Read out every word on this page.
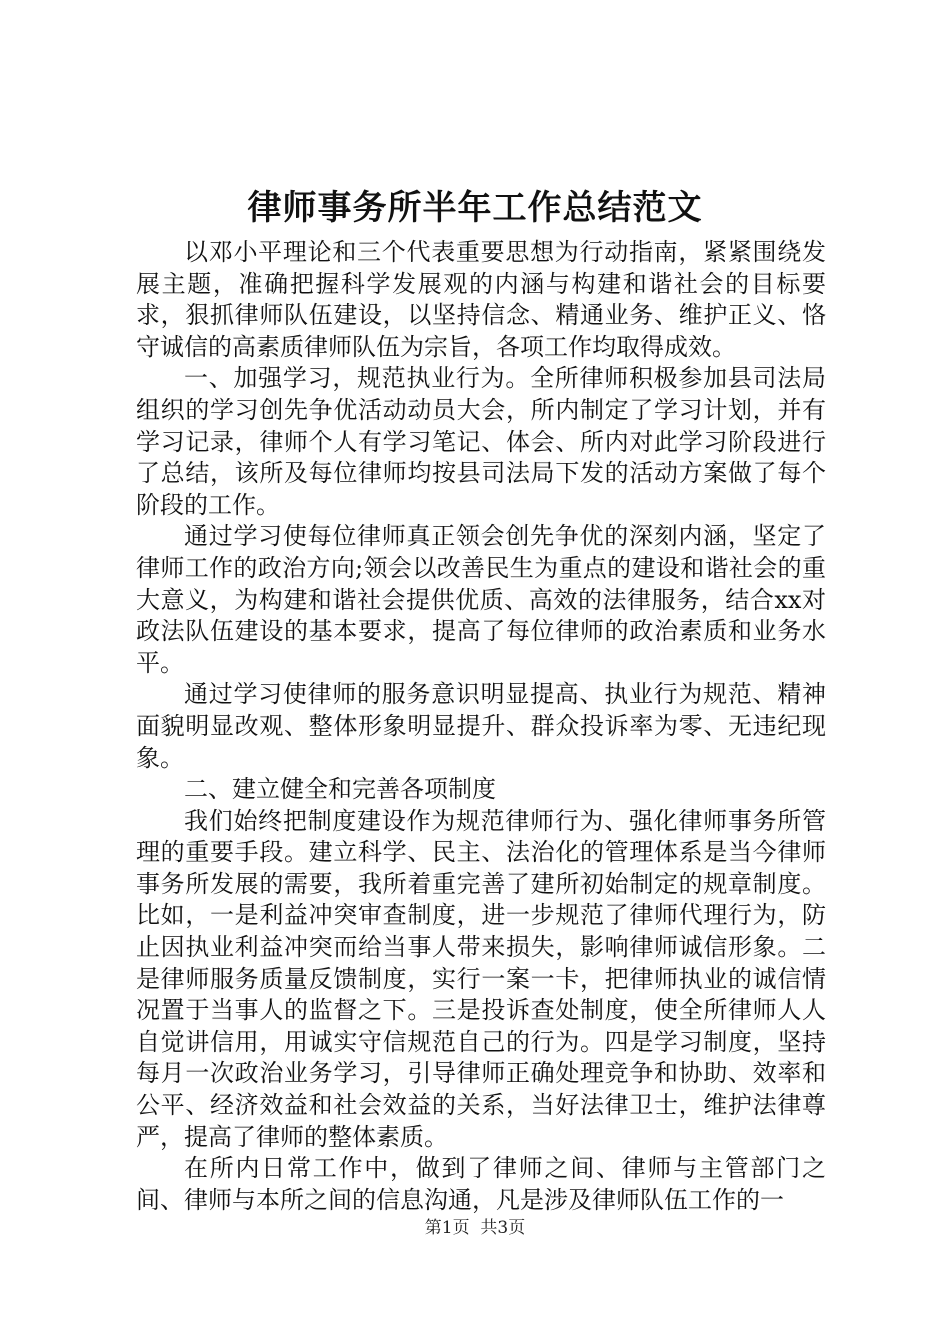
律师事务所半年工作总结范文

以邓小平理论和三个代表重要思想为行动指南，紧紧围绕发展主题，准确把握科学发展观的内涵与构建和谐社会的目标要求，狠抓律师队伍建设，以坚持信念、精通业务、维护正义、恪守诚信的高素质律师队伍为宗旨，各项工作均取得成效。

一、加强学习，规范执业行为。全所律师积极参加县司法局组织的学习创先争优活动动员大会，所内制定了学习计划，并有学习记录，律师个人有学习笔记、体会、所内对此学习阶段进行了总结，该所及每位律师均按县司法局下发的活动方案做了每个阶段的工作。

通过学习使每位律师真正领会创先争优的深刻内涵，坚定了律师工作的政治方向;领会以改善民生为重点的建设和谐社会的重大意义，为构建和谐社会提供优质、高效的法律服务，结合xx对政法队伍建设的基本要求，提高了每位律师的政治素质和业务水平。

通过学习使律师的服务意识明显提高、执业行为规范、精神面貌明显改观、整体形象明显提升、群众投诉率为零、无违纪现象。

二、建立健全和完善各项制度

我们始终把制度建设作为规范律师行为、强化律师事务所管理的重要手段。建立科学、民主、法治化的管理体系是当今律师事务所发展的需要，我所着重完善了建所初始制定的规章制度。比如，一是利益冲突审查制度，进一步规范了律师代理行为，防止因执业利益冲突而给当事人带来损失，影响律师诚信形象。二是律师服务质量反馈制度，实行一案一卡，把律师执业的诚信情况置于当事人的监督之下。三是投诉查处制度，使全所律师人人自觉讲信用，用诚实守信规范自己的行为。四是学习制度，坚持每月一次政治业务学习，引导律师正确处理竞争和协助、效率和公平、经济效益和社会效益的关系，当好法律卫士，维护法律尊严，提高了律师的整体素质。

在所内日常工作中，做到了律师之间、律师与主管部门之间、律师与本所之间的信息沟通，凡是涉及律师队伍工作的一

第1页 共3页
